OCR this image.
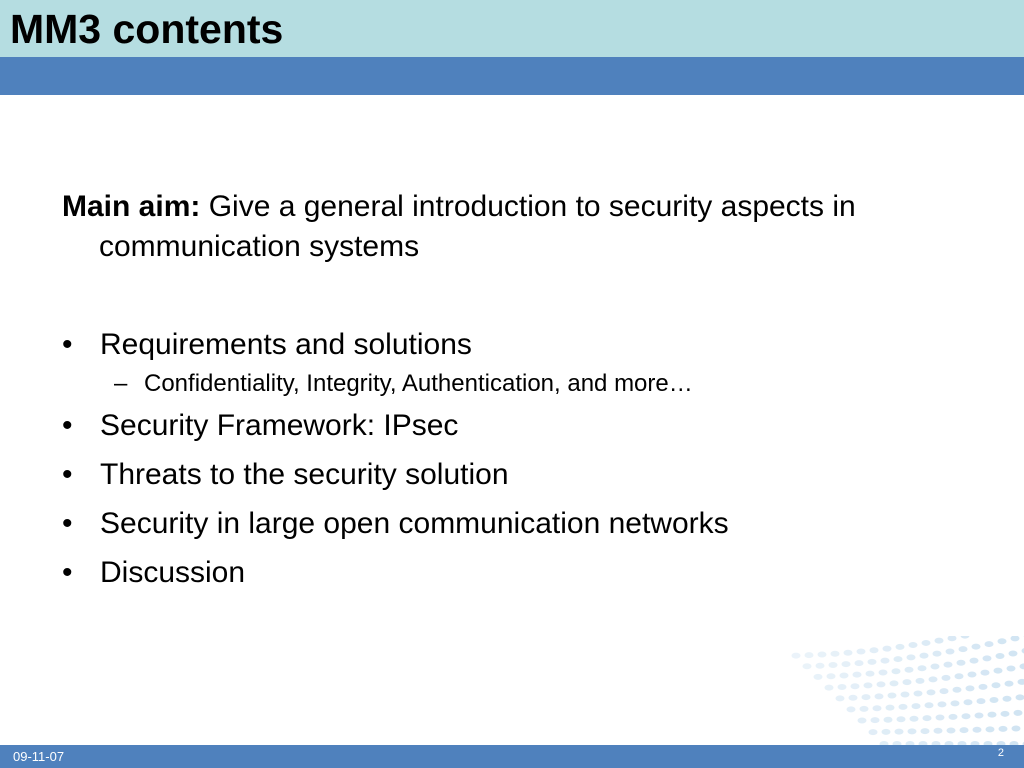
MM3 contents

Main aim: Give a general introduction to security aspects in communication systems

• Requirements and solutions
– Confidentiality, Integrity, Authentication, and more…
• Security Framework: IPsec
• Threats to the security solution
• Security in large open communication networks
• Discussion
09-11-07	2
